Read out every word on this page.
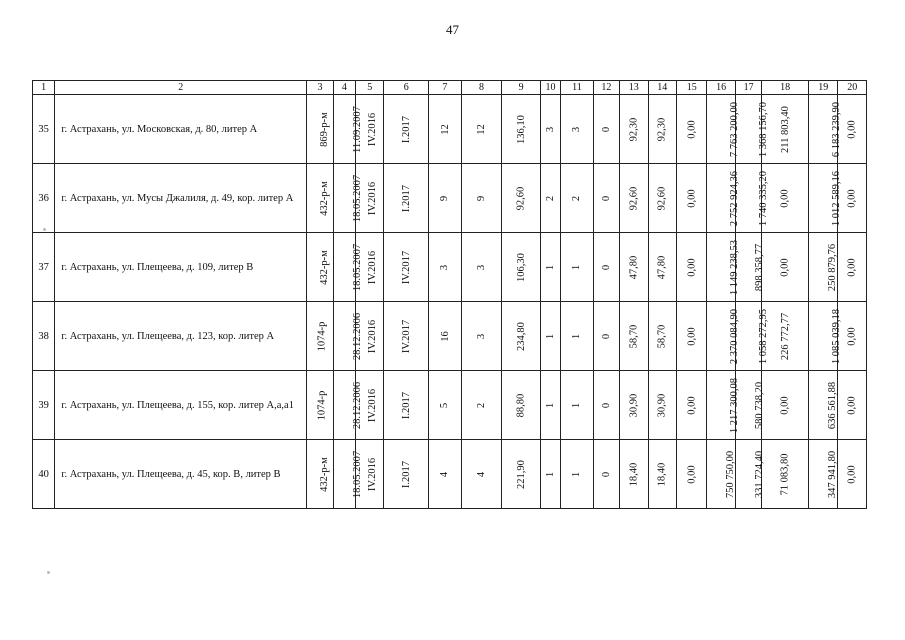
47
1	2	3	4	5	6	7	8	9	10	11	12	13	14	15	16	17	18	19	20
35	г. Астрахань, ул. Московская, д. 80, литер А	869-р-м	11.09.2007	IV.2016	I.2017	12	12	136,10	3	3	0	92,30	92,30	0,00	7 763 200,00	1 368 156,70	211 803,40	6 183 239,90	0,00
36	г. Астрахань, ул. Мусы Джалиля, д. 49, кор. литер А	432-р-м	18.05.2007	IV.2016	I.2017	9	9	92,60	2	2	0	92,60	92,60	0,00	2 752 924,36	1 740 335,20	0,00	1 012 589,16	0,00
37	г. Астрахань, ул. Плещеева, д. 109, литер В	432-р-м	18.05.2007	IV.2016	IV.2017	3	3	106,30	1	1	0	47,80	47,80	0,00	1 149 238,53	898 358,77	0,00	250 879,76	0,00
38	г. Астрахань, ул. Плещеева, д. 123, кор. литер А	1074-р	28.12.2006	IV.2016	IV.2017	16	3	234,80	1	1	0	58,70	58,70	0,00	2 370 084,90	1 058 272,95	226 772,77	1 085 039,18	0,00
39	г. Астрахань, ул. Плещеева, д. 155, кор. литер А,а,а1	1074-р	28.12.2006	IV.2016	I.2017	5	2	88,80	1	1	0	30,90	30,90	0,00	1 217 300,08	580 738,20	0,00	636 561,88	0,00
40	г. Астрахань, ул. Плещеева, д. 45, кор. В, литер В	432-р-м	18.05.2007	IV.2016	I.2017	4	4	221,90	1	1	0	18,40	18,40	0,00	750 750,00	331 724,40	71 083,80	347 941,80	0,00
